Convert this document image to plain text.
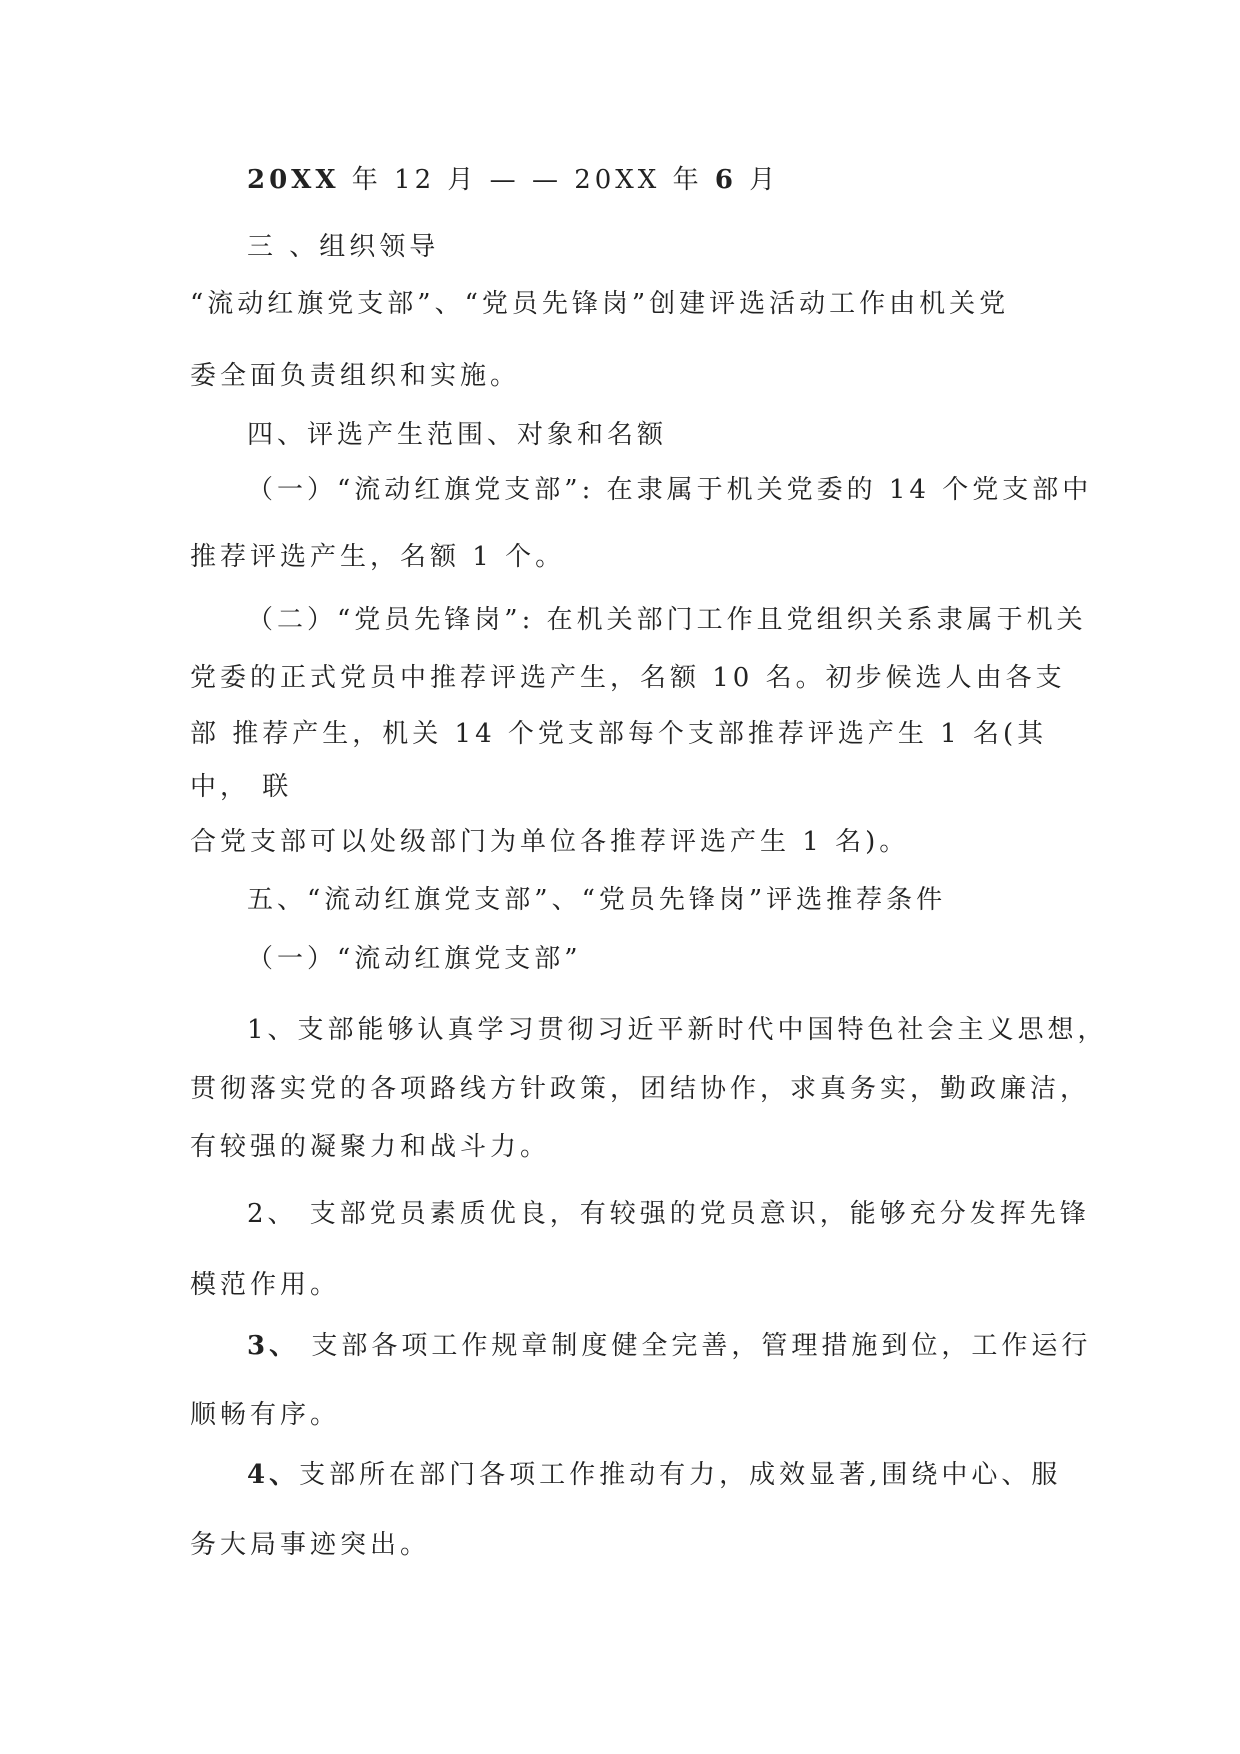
20XX 年 12 月 — — 20XX 年 6 月
三 、组织领导
“流动红旗党支部”、“党员先锋岗”创建评选活动工作由机关党
委全面负责组织和实施。
四、评选产生范围、对象和名额
（一）“流动红旗党支部”: 在隶属于机关党委的 14 个党支部中
推荐评选产生，名额 1 个。
（二）“党员先锋岗”: 在机关部门工作且党组织关系隶属于机关
党委的正式党员中推荐评选产生，名额 10 名。初步候选人由各支
部 推荐产生，机关 14 个党支部每个支部推荐评选产生 1 名(其
中， 联
合党支部可以处级部门为单位各推荐评选产生 1 名)。
五、“流动红旗党支部”、“党员先锋岗”评选推荐条件
（一）“流动红旗党支部”
1、支部能够认真学习贯彻习近平新时代中国特色社会主义思想，
贯彻落实党的各项路线方针政策，团结协作，求真务实，勤政廉洁，
有较强的凝聚力和战斗力。
2、 支部党员素质优良，有较强的党员意识，能够充分发挥先锋
模范作用。
3、 支部各项工作规章制度健全完善，管理措施到位，工作运行
顺畅有序。
4、支部所在部门各项工作推动有力，成效显著,围绕中心、服
务大局事迹突出。
